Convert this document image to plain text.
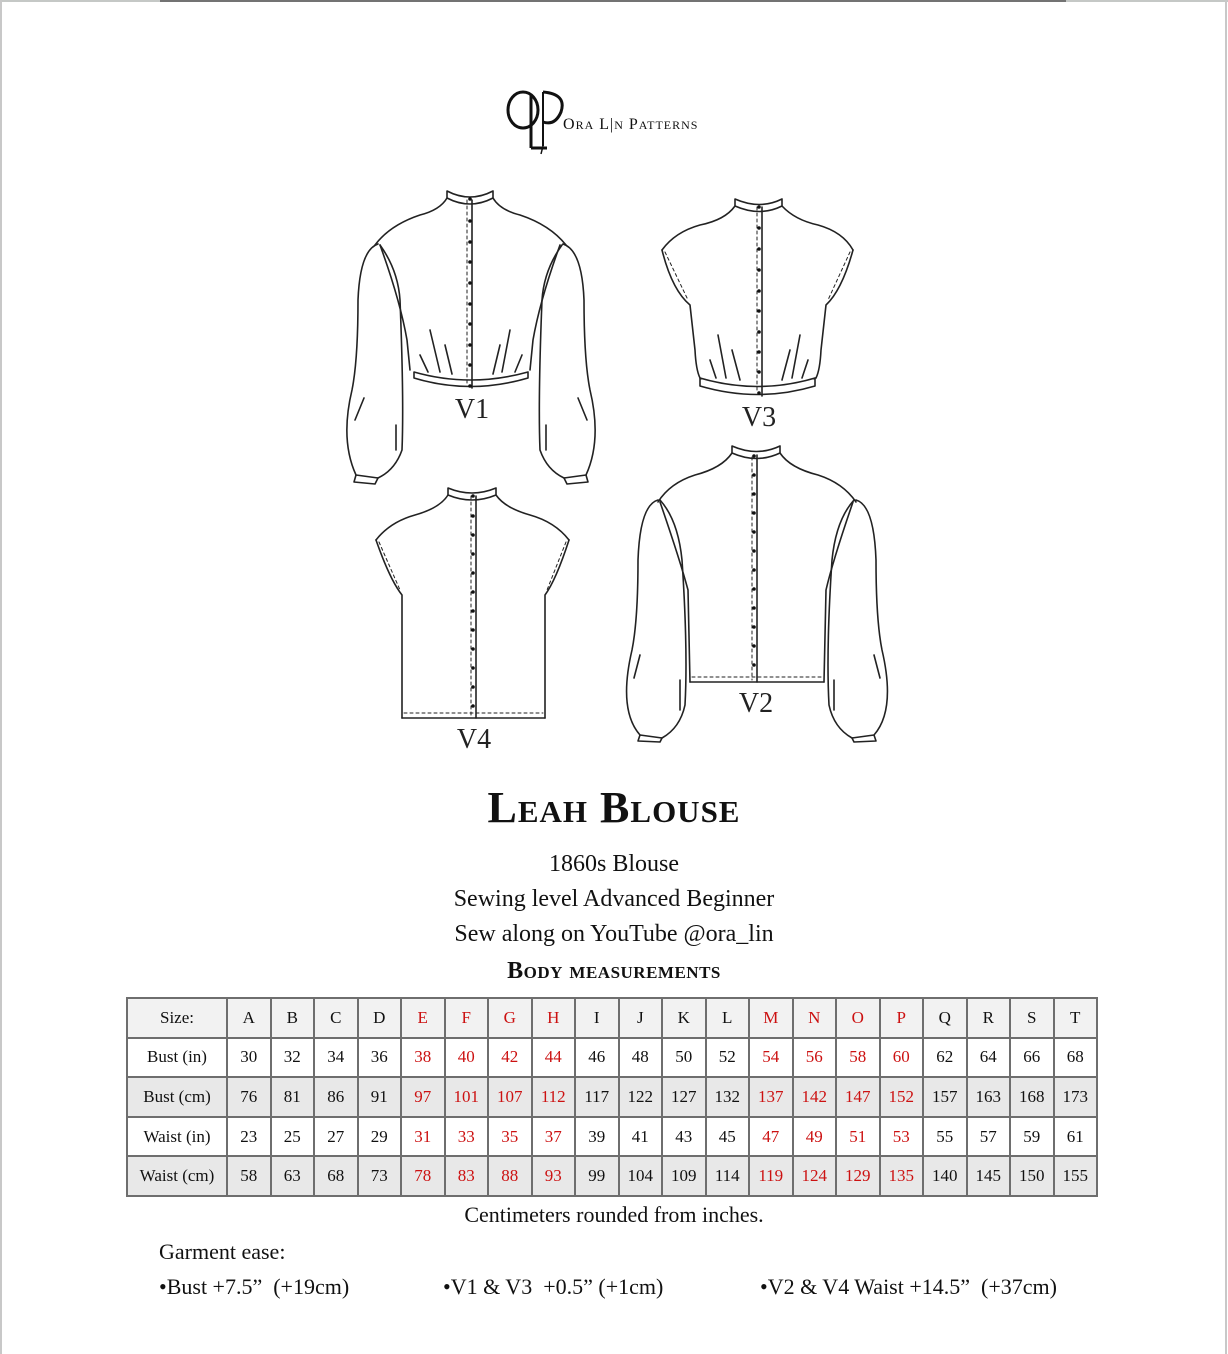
ORA L|N PATTERNS
V1	V3
V4
V2
Leah Blouse
1860s Blouse
Sewing level Advanced Beginner
Sew along on YouTube @ora_lin
Body measurements
Size:	A	B	C	D	E	F	G	H	I	J	K	L	M	N	O	P	Q	R	S	T
Bust (in)	30	32	34	36	38	40	42	44	46	48	50	52	54	56	58	60	62	64	66	68
Bust (cm)	76	81	86	91	97	101	107	112	117	122	127	132	137	142	147	152	157	163	168	173
Waist (in)	23	25	27	29	31	33	35	37	39	41	43	45	47	49	51	53	55	57	59	61
Waist (cm)	58	63	68	73	78	83	88	93	99	104	109	114	119	124	129	135	140	145	150	155
Centimeters rounded from inches.
Garment ease:
•Bust +7.5”  (+19cm)	•V1 & V3  +0.5” (+1cm)	•V2 & V4 Waist +14.5”  (+37cm)
